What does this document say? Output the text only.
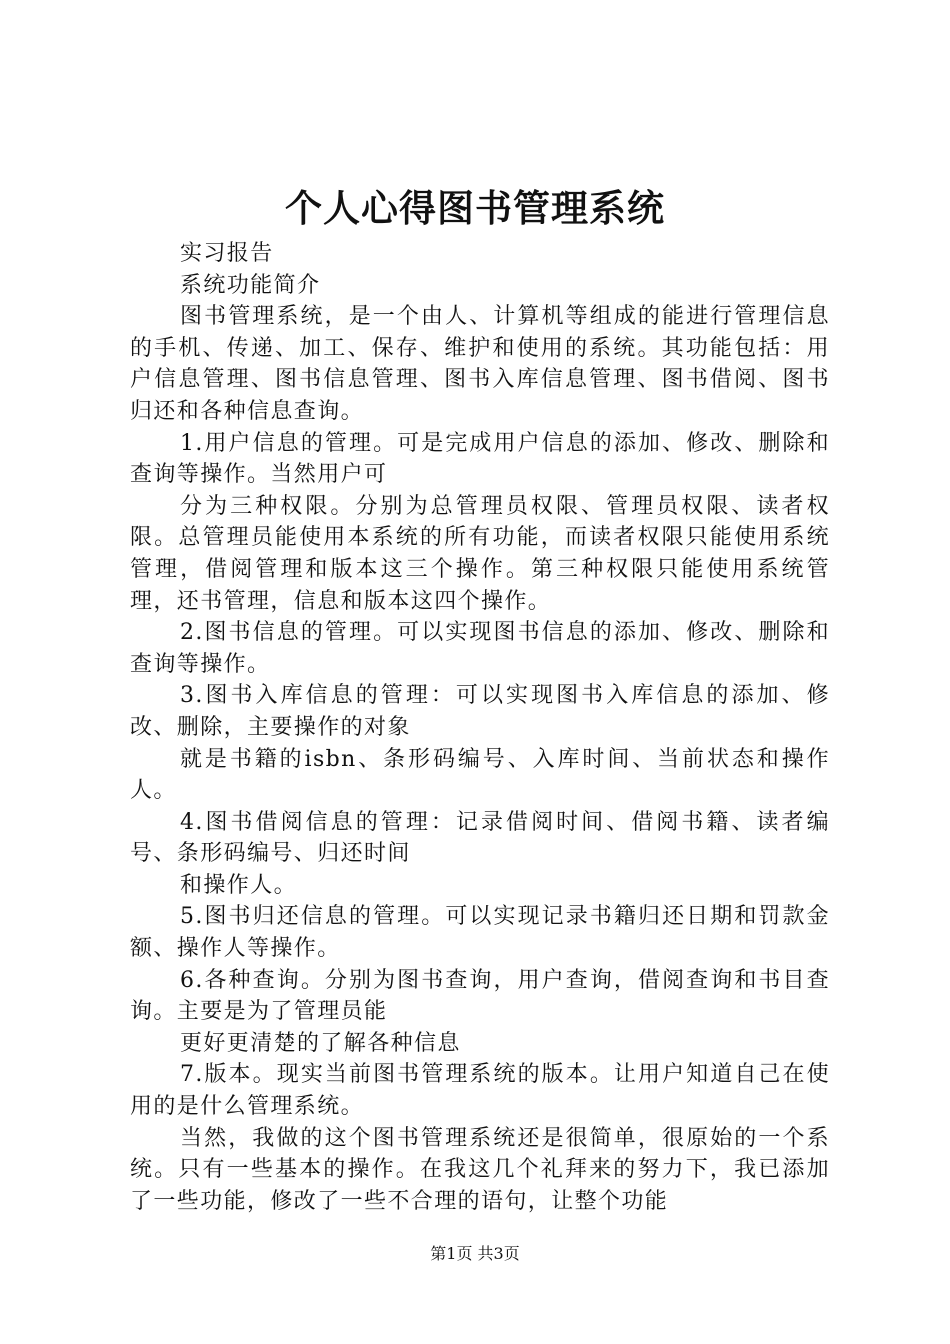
个人心得图书管理系统

实习报告

系统功能简介

图书管理系统，是一个由人、计算机等组成的能进行管理信息的手机、传递、加工、保存、维护和使用的系统。其功能包括：用户信息管理、图书信息管理、图书入库信息管理、图书借阅、图书归还和各种信息查询。

1.用户信息的管理。可是完成用户信息的添加、修改、删除和查询等操作。当然用户可

分为三种权限。分别为总管理员权限、管理员权限、读者权限。总管理员能使用本系统的所有功能，而读者权限只能使用系统管理，借阅管理和版本这三个操作。第三种权限只能使用系统管理，还书管理，信息和版本这四个操作。

2.图书信息的管理。可以实现图书信息的添加、修改、删除和查询等操作。

3.图书入库信息的管理：可以实现图书入库信息的添加、修改、删除，主要操作的对象

就是书籍的isbn、条形码编号、入库时间、当前状态和操作人。

4.图书借阅信息的管理：记录借阅时间、借阅书籍、读者编号、条形码编号、归还时间

和操作人。

5.图书归还信息的管理。可以实现记录书籍归还日期和罚款金额、操作人等操作。

6.各种查询。分别为图书查询，用户查询，借阅查询和书目查询。主要是为了管理员能

更好更清楚的了解各种信息

7.版本。现实当前图书管理系统的版本。让用户知道自己在使用的是什么管理系统。

当然，我做的这个图书管理系统还是很简单，很原始的一个系统。只有一些基本的操作。在我这几个礼拜来的努力下，我已添加了一些功能，修改了一些不合理的语句，让整个功能

第1页 共3页
